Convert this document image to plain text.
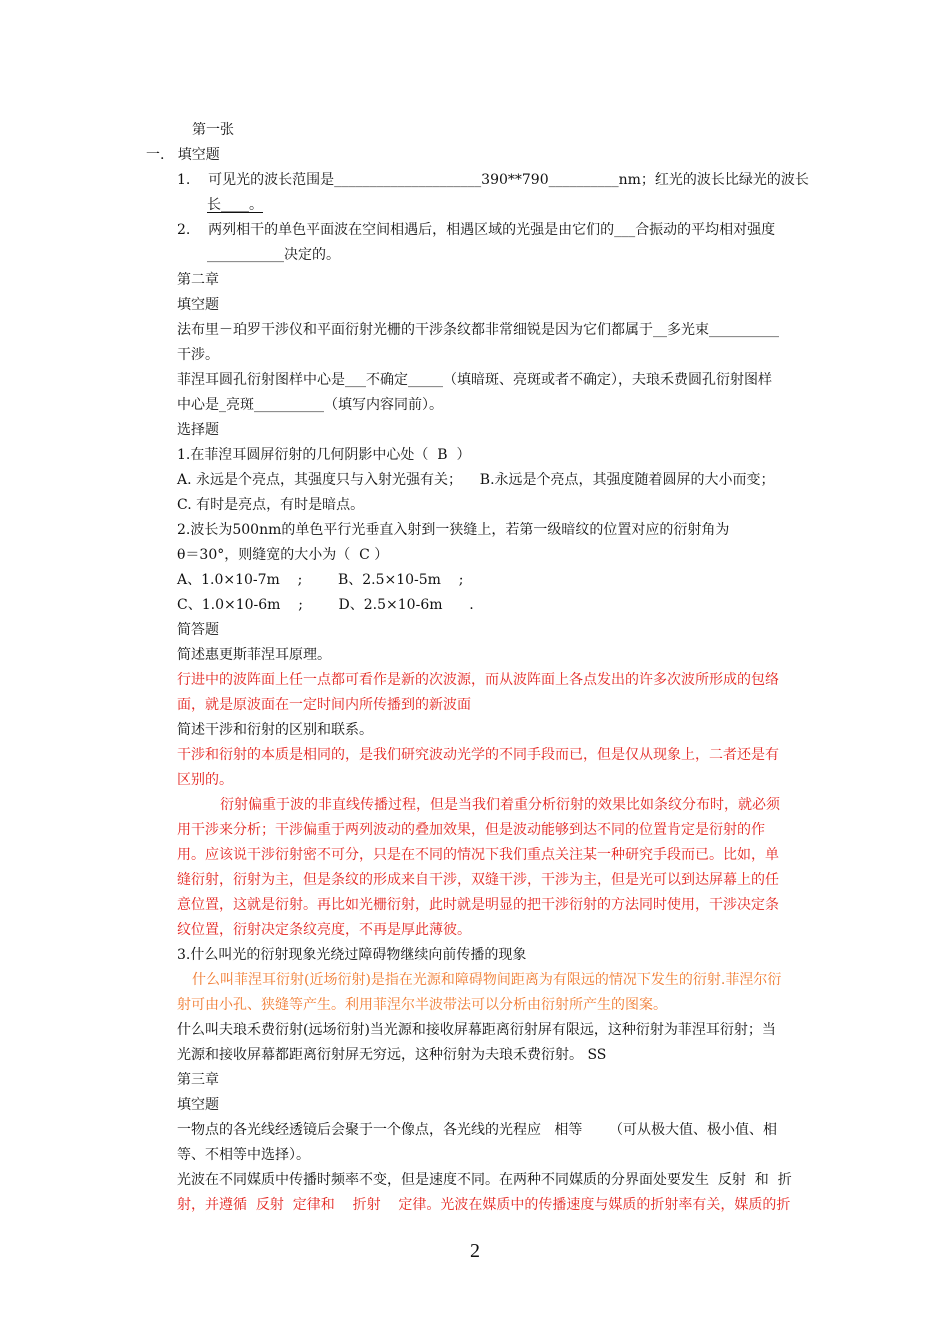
第一张
一.   填空题
1.    可见光的波长范围是_____________________390**790__________nm；红光的波长比绿光的波长
长____。
2.    两列相干的单色平面波在空间相遇后，相遇区域的光强是由它们的___合振动的平均相对强度
___________决定的。
第二章
填空题
法布里－珀罗干涉仪和平面衍射光栅的干涉条纹都非常细锐是因为它们都属于__多光束__________
干涉。
菲涅耳圆孔衍射图样中心是___不确定_____（填暗斑、亮斑或者不确定），夫琅禾费圆孔衍射图样
中心是_亮斑__________（填写内容同前）。
选择题
1.在菲湼耳圆屏衍射的几何阴影中心处（  B  ）
A. 永远是个亮点，其强度只与入射光强有关；    B.永远是个亮点，其强度随着圆屏的大小而变；
C. 有时是亮点，有时是暗点。
2.波长为500nm的单色平行光垂直入射到一狭缝上，若第一级暗纹的位置对应的衍射角为
θ＝30°，则缝宽的大小为（  C ）
A、1.0×10-7m    ;        B、2.5×10-5m    ;
C、1.0×10-6m    ;        D、2.5×10-6m      .
简答题
简述惠更斯菲涅耳原理。
行进中的波阵面上任一点都可看作是新的次波源，而从波阵面上各点发出的许多次波所形成的包络
面，就是原波面在一定时间内所传播到的新波面
简述干涉和衍射的区别和联系。
干涉和衍射的本质是相同的，是我们研究波动光学的不同手段而已，但是仅从现象上，二者还是有
区别的。
衍射偏重于波的非直线传播过程，但是当我们着重分析衍射的效果比如条纹分布时，就必须
用干涉来分析；干涉偏重于两列波动的叠加效果，但是波动能够到达不同的位置肯定是衍射的作
用。应该说干涉衍射密不可分，只是在不同的情况下我们重点关注某一种研究手段而已。比如，单
缝衍射，衍射为主，但是条纹的形成来自干涉，双缝干涉，干涉为主，但是光可以到达屏幕上的任
意位置，这就是衍射。再比如光栅衍射，此时就是明显的把干涉衍射的方法同时使用，干涉决定条
纹位置，衍射决定条纹亮度，不再是厚此薄彼。
3.什么叫光的衍射现象光绕过障碍物继续向前传播的现象
什么叫菲涅耳衍射(近场衍射)是指在光源和障碍物间距离为有限远的情况下发生的衍射.菲涅尔衍
射可由小孔、狭缝等产生。利用菲涅尔半波带法可以分析由衍射所产生的图案。
什么叫夫琅禾费衍射(远场衍射)当光源和接收屏幕距离衍射屏有限远，这种衍射为菲涅耳衍射；当
光源和接收屏幕都距离衍射屏无穷远，这种衍射为夫琅禾费衍射。 SS
第三章
填空题
一物点的各光线经透镜后会聚于一个像点，各光线的光程应   相等      （可从极大值、极小值、相
等、不相等中选择）。
光波在不同媒质中传播时频率不变，但是速度不同。在两种不同媒质的分界面处要发生  反射  和  折
射，并遵循  反射  定律和    折射    定律。光波在媒质中的传播速度与媒质的折射率有关，媒质的折
2
